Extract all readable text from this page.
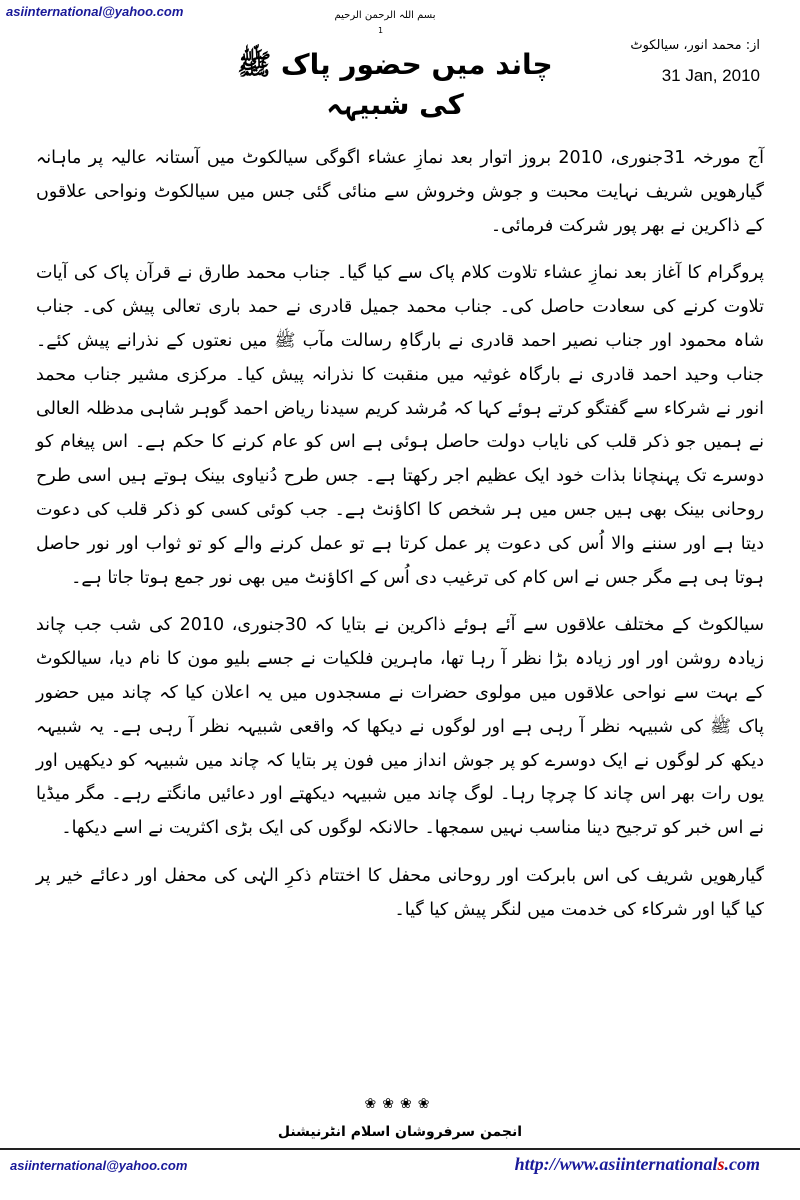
asiinternational@yahoo.com	بسم اللہ الرحمن الرحیم
1
از: محمد انور، سیالکوٹ
31 Jan, 2010
چاند میں حضور پاک ﷺ کی شبیہہ

آج مورخہ 31جنوری، 2010 بروز اتوار بعد نمازِ عشاء اگوگی سیالکوٹ میں آستانہ عالیہ پر ماہانہ گیارھویں شریف نہایت محبت و جوش وخروش سے منائی گئی جس میں سیالکوٹ ونواحی علاقوں کے ذاکرین نے بھر پور شرکت فرمائی۔

پروگرام کا آغاز بعد نمازِ عشاء تلاوت کلام پاک سے کیا گیا۔ جناب محمد طارق نے قرآن پاک کی آیات تلاوت کرنے کی سعادت حاصل کی۔ جناب محمد جمیل قادری نے حمد باری تعالی پیش کی۔ جناب شاہ محمود اور جناب نصیر احمد قادری نے بارگاہِ رسالت مآب ﷺ میں نعتوں کے نذرانے پیش کئے۔ جناب وحید احمد قادری نے بارگاہ غوثیہ میں منقبت کا نذرانہ پیش کیا۔ مرکزی مشیر جناب محمد انور نے شرکاء سے گفتگو کرتے ہوئے کہا کہ مُرشد کریم سیدنا ریاض احمد گوہر شاہی مدظلہ العالی نے ہمیں جو ذکر قلب کی نایاب دولت حاصل ہوئی ہے اس کو عام کرنے کا حکم ہے۔ اس پیغام کو دوسرے تک پہنچانا بذات خود ایک عظیم اجر رکھتا ہے۔ جس طرح دُنیاوی بینک ہوتے ہیں اسی طرح روحانی بینک بھی ہیں جس میں ہر شخص کا اکاؤنٹ ہے۔ جب کوئی کسی کو ذکر قلب کی دعوت دیتا ہے اور سننے والا اُس کی دعوت پر عمل کرتا ہے تو عمل کرنے والے کو تو ثواب اور نور حاصل ہوتا ہی ہے مگر جس نے اس کام کی ترغیب دی اُس کے اکاؤنٹ میں بھی نور جمع ہوتا جاتا ہے۔

سیالکوٹ کے مختلف علاقوں سے آئے ہوئے ذاکرین نے بتایا کہ 30جنوری، 2010 کی شب جب چاند زیادہ روشن اور اور زیادہ بڑا نظر آ رہا تھا، ماہرین فلکیات نے جسے بلیو مون کا نام دیا، سیالکوٹ کے بہت سے نواحی علاقوں میں مولوی حضرات نے مسجدوں میں یہ اعلان کیا کہ چاند میں حضور پاک ﷺ کی شبیہہ نظر آ رہی ہے اور لوگوں نے دیکھا کہ واقعی شبیہہ نظر آ رہی ہے۔ یہ شبیہہ دیکھ کر لوگوں نے ایک دوسرے کو پر جوش انداز میں فون پر بتایا کہ چاند میں شبیہہ کو دیکھیں اور یوں رات بھر اس چاند کا چرچا رہا۔ لوگ چاند میں شبیہہ دیکھتے اور دعائیں مانگتے رہے۔ مگر میڈیا نے اس خبر کو ترجیح دینا مناسب نہیں سمجھا۔ حالانکہ لوگوں کی ایک بڑی اکثریت نے اسے دیکھا۔

گیارھویں شریف کی اس بابرکت اور روحانی محفل کا اختتام ذکرِ الہٰی کی محفل اور دعائے خیر پر کیا گیا اور شرکاء کی خدمت میں لنگر پیش کیا گیا۔

❀❀❀❀
انجمن سرفروشان اسلام انٹرنیشنل
asiinternational@yahoo.com	http://www.asiinternationals.com
